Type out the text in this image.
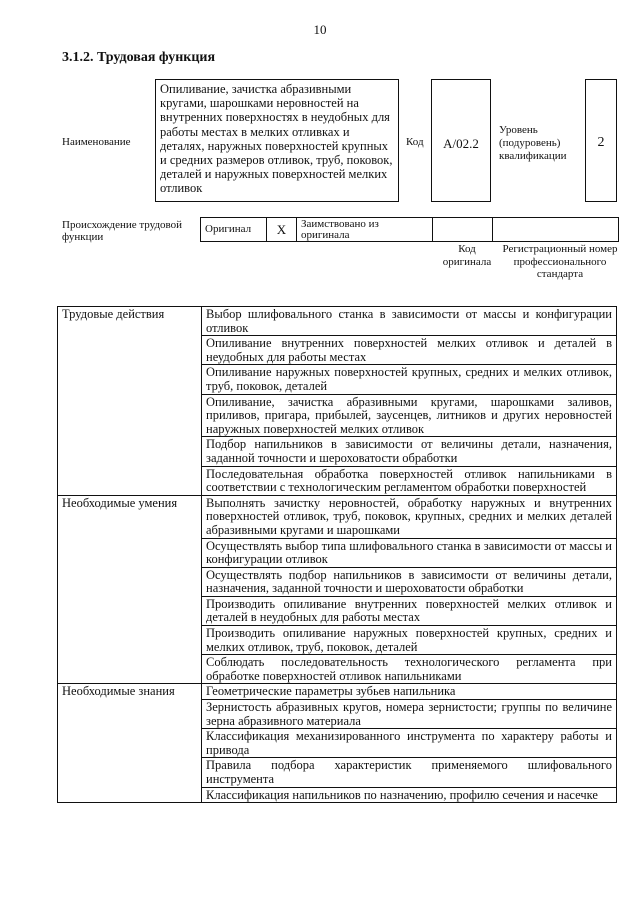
10
3.1.2. Трудовая функция
Наименование
Опиливание, зачистка абразивными кругами, шарошками неровностей на внутренних поверхностях в неудобных для работы местах в мелких отливках и деталях, наружных поверхностей крупных и средних размеров отливок, труб, поковок, деталей и наружных поверхностей мелких отливок
Код	A/02.2
Уровень (подуровень) квалификации
2
Происхождение трудовой функции
Оригинал	X	Заимствовано из оригинала		
Код оригинала
Регистрационный номер профессионального стандарта
Трудовые действия	Выбор шлифовального станка в зависимости от массы и конфигурации отливок
	Опиливание внутренних поверхностей мелких отливок и деталей в неудобных для работы местах
	Опиливание наружных поверхностей крупных, средних и мелких отливок, труб, поковок, деталей
	Опиливание, зачистка абразивными кругами, шарошками заливов, приливов, пригара, прибылей, заусенцев, литников и других неровностей наружных поверхностей мелких отливок
	Подбор напильников в зависимости от величины детали, назначения, заданной точности и шероховатости обработки
	Последовательная обработка поверхностей отливок напильниками в соответствии с технологическим регламентом обработки поверхностей
Необходимые умения	Выполнять зачистку неровностей, обработку наружных и внутренних поверхностей отливок, труб, поковок, крупных, средних и мелких деталей абразивными кругами и шарошками
	Осуществлять выбор типа шлифовального станка в зависимости от массы и конфигурации отливок
	Осуществлять подбор напильников в зависимости от величины детали, назначения, заданной точности и шероховатости обработки
	Производить опиливание внутренних поверхностей мелких отливок и деталей в неудобных для работы местах
	Производить опиливание наружных поверхностей крупных, средних и мелких отливок, труб, поковок, деталей
	Соблюдать последовательность технологического регламента при обработке поверхностей отливок напильниками
Необходимые знания	Геометрические параметры зубьев напильника
	Зернистость абразивных кругов, номера зернистости; группы по величине зерна абразивного материала
	Классификация механизированного инструмента по характеру работы и привода
	Правила подбора характеристик применяемого шлифовального инструмента
	Классификация напильников по назначению, профилю сечения и насечке
